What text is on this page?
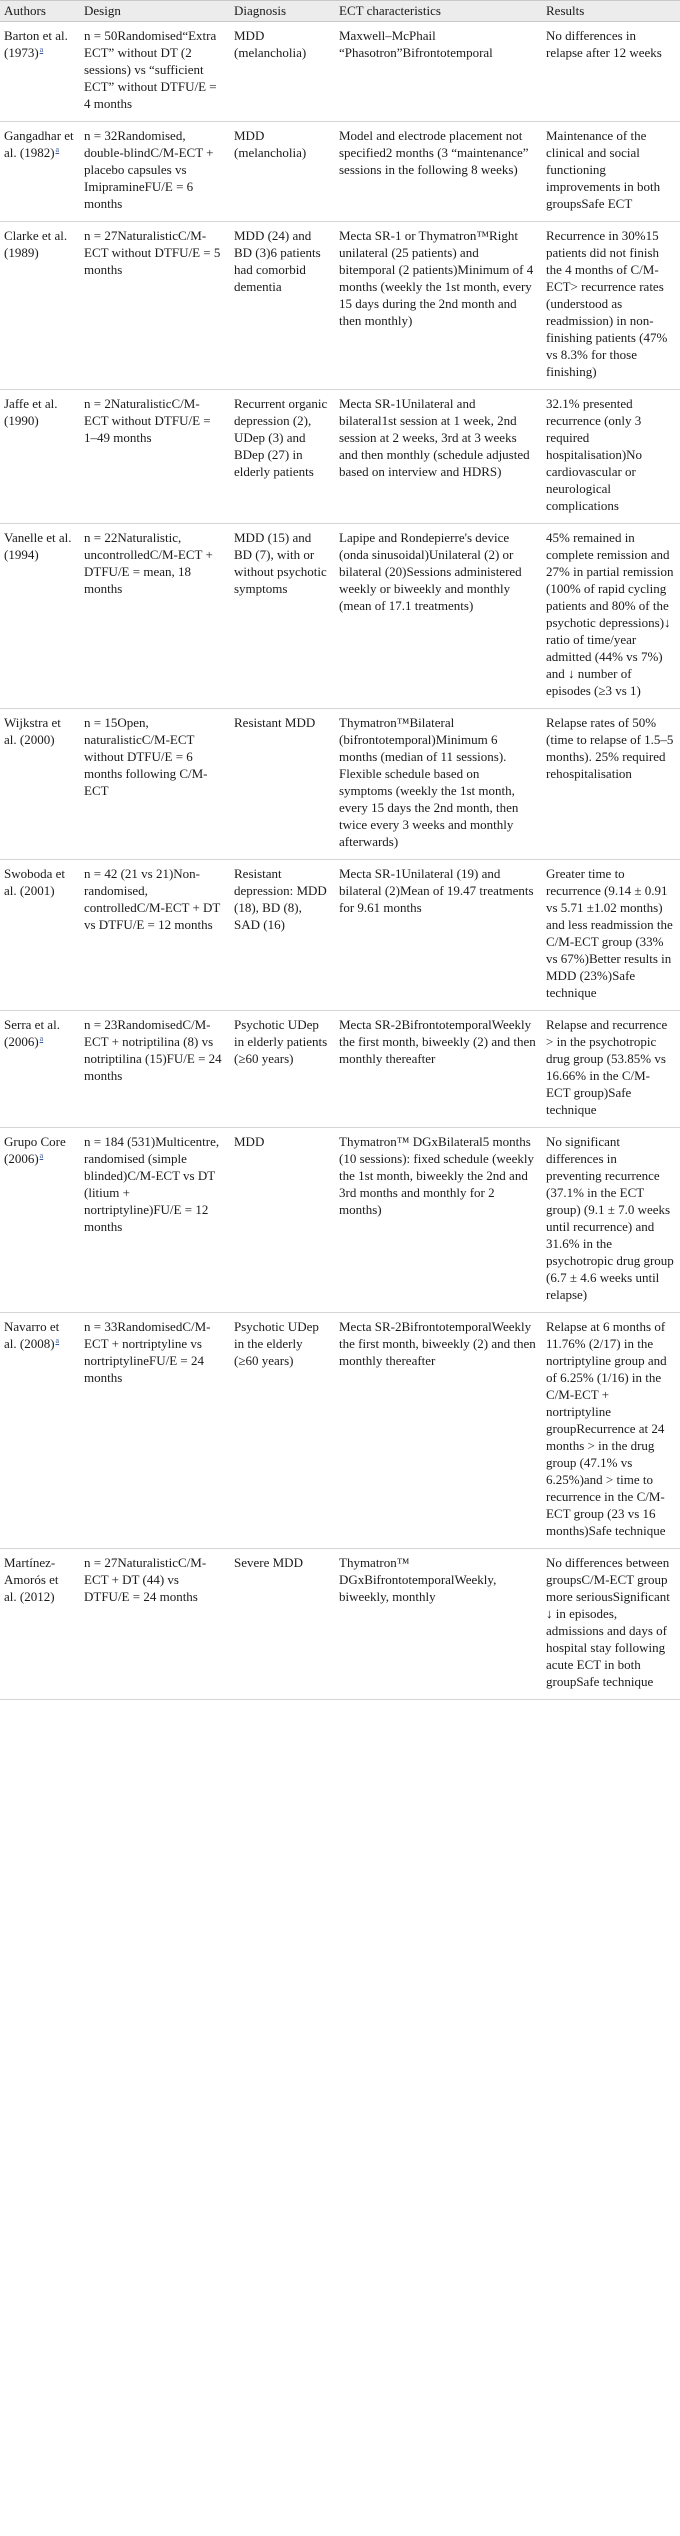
Authors	Design	Diagnosis	ECT characteristics	Results
Barton et al. $(1973)^a$	n = 50Randomised“Extra ECT” without DT (2 sessions) vs “sufficient ECT” without DTFU/E = 4 months	MDD (melancholia)	Maxwell–McPhail “Phasotron”Bifrontotemporal	No differences in relapse after 12 weeks
Gangadhar et al. $(1982)^a$	n = 32Randomised, double-blindC/M-ECT + placebo capsules vs ImipramineFU/E = 6 months	MDD (melancholia)	Model and electrode placement not specified2 months (3 “maintenance” sessions in the following 8 weeks)	Maintenance of the clinical and social functioning improvements in both groupsSafe ECT
Clarke et al. (1989)	n = 27NaturalisticC/M-ECT without DTFU/E = 5 months	MDD (24) and BD (3)6 patients had comorbid dementia	Mecta SR-1 or Thymatron™Right unilateral (25 patients) and bitemporal (2 patients)Minimum of 4 months (weekly the 1st month, every 15 days during the 2nd month and then monthly)	Recurrence in 30%15 patients did not finish the 4 months of C/M-ECT> recurrence rates (understood as readmission) in non-finishing patients (47% vs 8.3% for those finishing)
Jaffe et al. (1990)	n = 2NaturalisticC/M-ECT without DTFU/E = 1–49 months	Recurrent organic depression (2), UDep (3) and BDep (27) in elderly patients	Mecta SR-1Unilateral and bilateral1st session at 1 week, 2nd session at 2 weeks, 3rd at 3 weeks and then monthly (schedule adjusted based on interview and HDRS)	32.1% presented recurrence (only 3 required hospitalisation)No cardiovascular or neurological complications
Vanelle et al. (1994)	n = 22Naturalistic, uncontrolledC/M-ECT + DTFU/E = mean, 18 months	MDD (15) and BD (7), with or without psychotic symptoms	Lapipe and Rondepierre's device (onda sinusoidal)Unilateral (2) or bilateral (20)Sessions administered weekly or biweekly and monthly (mean of 17.1 treatments)	45% remained in complete remission and 27% in partial remission (100% of rapid cycling patients and 80% of the psychotic depressions)↓ ratio of time/year admitted (44% vs 7%) and ↓ number of episodes (≥3 vs 1)
Wijkstra et al. (2000)	n = 15Open, naturalisticC/M-ECT without DTFU/E = 6 months following C/M-ECT	Resistant MDD	Thymatron™Bilateral (bifrontotemporal)Minimum 6 months (median of 11 sessions). Flexible schedule based on symptoms (weekly the 1st month, every 15 days the 2nd month, then twice every 3 weeks and monthly afterwards)	Relapse rates of 50% (time to relapse of 1.5–5 months). 25% required rehospitalisation
Swoboda et al. (2001)	n = 42 (21 vs 21)Non-randomised, controlledC/M-ECT + DT vs DTFU/E = 12 months	Resistant depression: MDD (18), BD (8), SAD (16)	Mecta SR-1Unilateral (19) and bilateral (2)Mean of 19.47 treatments for 9.61 months	Greater time to recurrence (9.14 ± 0.91 vs 5.71 ±1.02 months) and less readmission the C/M-ECT group (33% vs 67%)Better results in MDD (23%)Safe technique
Serra et al. $(2006)^a$	n = 23RandomisedC/M-ECT + notriptilina (8) vs notriptilina (15)FU/E = 24 months	Psychotic UDep in elderly patients (≥60 years)	Mecta SR-2BifrontotemporalWeekly the first month, biweekly (2) and then monthly thereafter	Relapse and recurrence > in the psychotropic drug group (53.85% vs 16.66% in the C/M-ECT group)Safe technique
Grupo Core $(2006)^a$	n = 184 (531)Multicentre, randomised (simple blinded)C/M-ECT vs DT (litium + nortriptyline)FU/E = 12 months	MDD	Thymatron™ DGxBilateral5 months (10 sessions): fixed schedule (weekly the 1st month, biweekly the 2nd and 3rd months and monthly for 2 months)	No significant differences in preventing recurrence (37.1% in the ECT group) (9.1 ± 7.0 weeks until recurrence) and 31.6% in the psychotropic drug group (6.7 ± 4.6 weeks until relapse)
Navarro et al. $(2008)^a$	n = 33RandomisedC/M-ECT + nortriptyline vs nortriptylineFU/E = 24 months	Psychotic UDep in the elderly (≥60 years)	Mecta SR-2BifrontotemporalWeekly the first month, biweekly (2) and then monthly thereafter	Relapse at 6 months of 11.76% (2/17) in the nortriptyline group and of 6.25% (1/16) in the C/M-ECT + nortriptyline groupRecurrence at 24 months > in the drug group (47.1% vs 6.25%)and > time to recurrence in the C/M-ECT group (23 vs 16 months)Safe technique
Martínez-Amorós et al. (2012)	n = 27NaturalisticC/M-ECT + DT (44) vs DTFU/E = 24 months	Severe MDD	Thymatron™ DGxBifrontotemporalWeekly, biweekly, monthly	No differences between groupsC/M-ECT group more seriousSignificant ↓ in episodes, admissions and days of hospital stay following acute ECT in both groupSafe technique
